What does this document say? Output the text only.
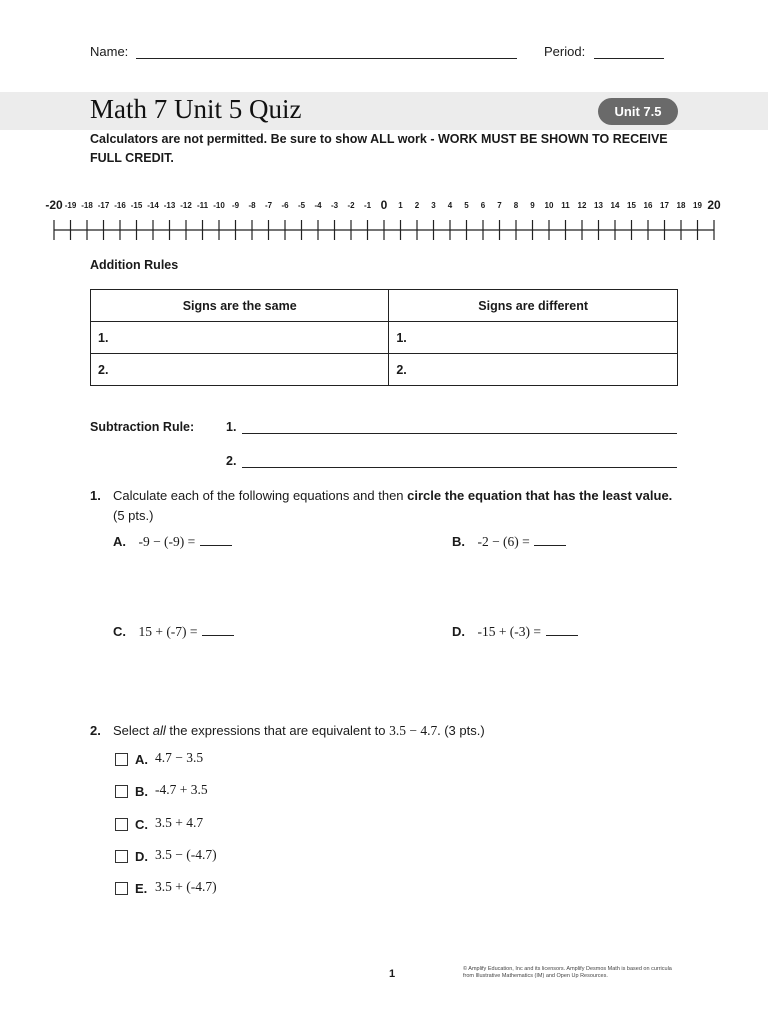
Name:	Period:
Math 7 Unit 5 Quiz	Unit 7.5
Calculators are not permitted. Be sure to show ALL work - WORK MUST BE SHOWN TO RECEIVE FULL CREDIT.
-20 -19 -18 -17 -16 -15 -14 -13 -12 -11 -10 -9 -8 -7 -6 -5 -4 -3 -2 -1 0 1 2 3 4 5 6 7 8 9 10 11 12 13 14 15 16 17 18 19 20
Addition Rules
Signs are the same	Signs are different
1.	1.
2.	2.
Subtraction Rule:	1.
2.
1. Calculate each of the following equations and then circle the equation that has the least value. (5 pts.)
A. -9 − (-9) =	B. -2 − (6) =
C. 15 + (-7) =	D. -15 + (-3) =
2. Select all the expressions that are equivalent to 3.5 − 4.7. (3 pts.)
A. 4.7 − 3.5
B. -4.7 + 3.5
C. 3.5 + 4.7
D. 3.5 − (-4.7)
E. 3.5 + (-4.7)
1	© Amplify Education, Inc and its licensors. Amplify Desmos Math is based on curricula from Illustrative Mathematics (IM) and Open Up Resources.
